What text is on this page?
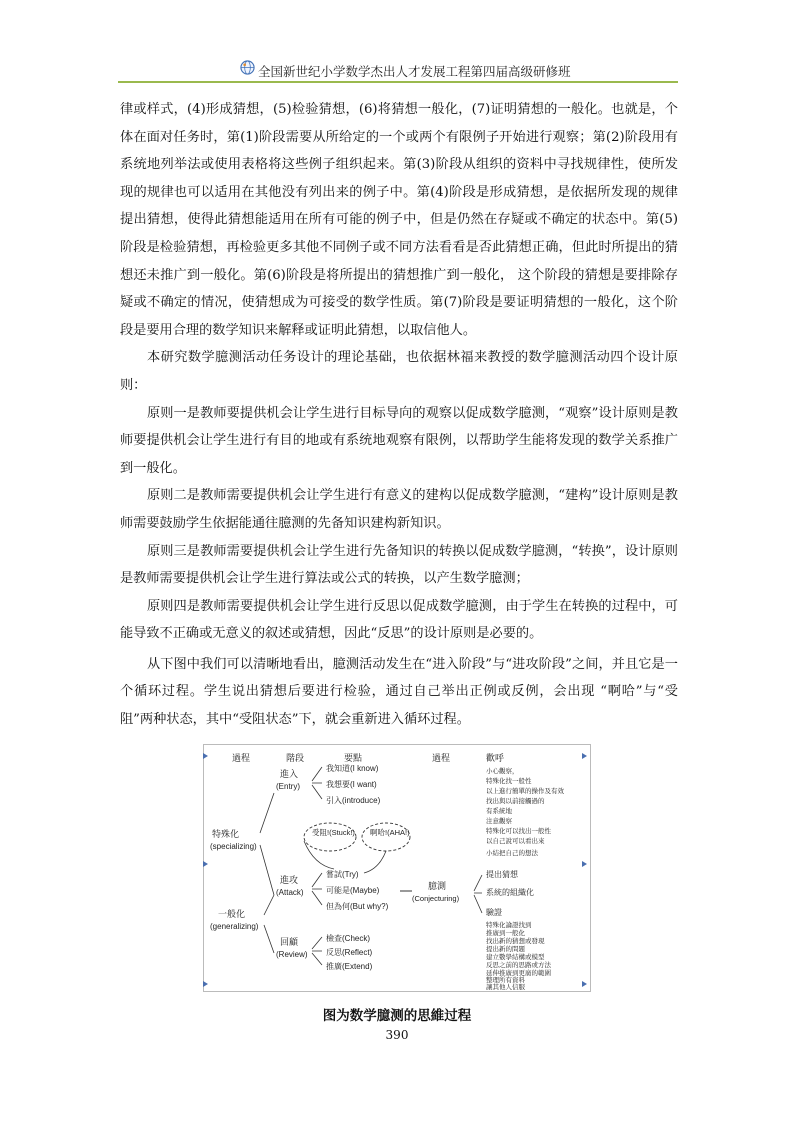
全国新世纪小学数学杰出人才发展工程第四届高级研修班

律或样式，(4)形成猜想，(5)检验猜想，(6)将猜想一般化，(7)证明猜想的一般化。也就是，个体在面对任务时，第(1)阶段需要从所给定的一个或两个有限例子开始进行观察；第(2)阶段用有系统地列举法或使用表格将这些例子组织起来。第(3)阶段从组织的资料中寻找规律性，使所发现的规律也可以适用在其他没有列出来的例子中。第(4)阶段是形成猜想，是依据所发现的规律提出猜想，使得此猜想能适用在所有可能的例子中，但是仍然在存疑或不确定的状态中。第(5)阶段是检验猜想，再检验更多其他不同例子或不同方法看看是否此猜想正确，但此时所提出的猜想还未推广到一般化。第(6)阶段是将所提出的猜想推广到一般化， 这个阶段的猜想是要排除存疑或不确定的情况，使猜想成为可接受的数学性质。第(7)阶段是要证明猜想的一般化，这个阶段是要用合理的数学知识来解释或证明此猜想，以取信他人。

本研究数学臆测活动任务设计的理论基础，也依据林福来教授的数学臆测活动四个设计原则：

原则一是教师要提供机会让学生进行目标导向的观察以促成数学臆测，“观察”设计原则是教师要提供机会让学生进行有目的地或有系统地观察有限例，以帮助学生能将发现的数学关系推广到一般化。

原则二是教师需要提供机会让学生进行有意义的建构以促成数学臆测，“建构”设计原则是教师需要鼓励学生依据能通往臆测的先备知识建构新知识。

原则三是教师需要提供机会让学生进行先备知识的转换以促成数学臆测，“转换”，设计原则是教师需要提供机会让学生进行算法或公式的转换，以产生数学臆测；

原则四是教师需要提供机会让学生进行反思以促成数学臆测，由于学生在转换的过程中，可能导致不正确或无意义的叙述或猜想，因此“反思”的设计原则是必要的。

从下图中我们可以清晰地看出，臆测活动发生在“进入阶段”与“进攻阶段”之间，并且它是一个循环过程。学生说出猜想后要进行检验，通过自己举出正例或反例，会出现 “啊哈”与“受阻”两种状态，其中“受阻状态”下，就会重新进入循环过程。

過程	階段	要點	過程	歡呼
特殊化
(specializing)
一般化
(generalizing)
進入
(Entry)
進攻
(Attack)
回顧
(Review)
我知道(I know)
我想要(I want)
引入(introduce)
受阻!(Stuck!) 啊哈!(AHA!)
嘗試(Try)
可能是(Maybe)
但為何(But why?)
檢查(Check)
反思(Reflect)
推廣(Extend)
臆測
(Conjecturing)
小心觀察，
特殊化找一般性
以上進行簡單的操作及有效
找出與以前接觸過的
有系統地
注意觀察
特殊化可以找出一般性
以自己說可以看出來
小結把自己的想法
提出猜想
系統的組織化
驗證
特殊化論證找到
推廣到一般化
找出新的猜想或發現
提出新的問題
建立數學結構或模型
反思之前的思路或方法
延伸推廣到更廣的範圍
整理所有資料
讓其他人信服
图为数学臆测的思維过程
390
